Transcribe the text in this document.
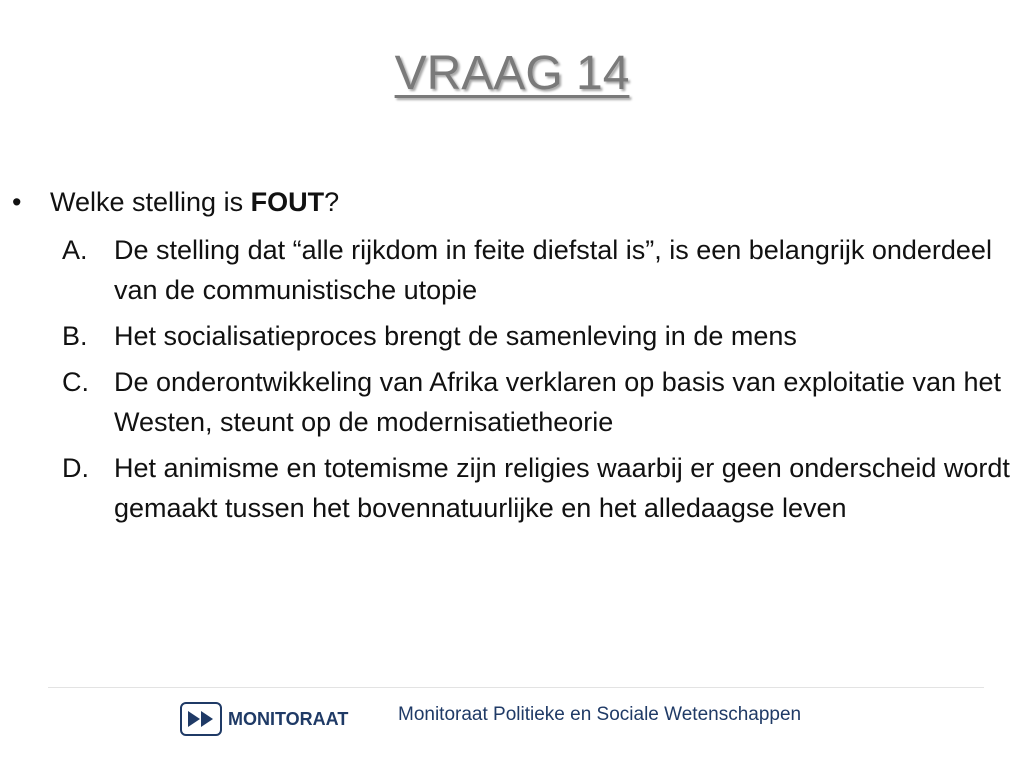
VRAAG 14
• Welke stelling is FOUT?
A. De stelling dat “alle rijkdom in feite diefstal is”, is een belangrijk onderdeel van de communistische utopie
B. Het socialisatieproces brengt de samenleving in de mens
C. De onderontwikkeling van Afrika verklaren op basis van exploitatie van het Westen, steunt op de modernisatietheorie
D. Het animisme en totemisme zijn religies waarbij er geen onderscheid wordt gemaakt tussen het bovennatuurlijke en het alledaagse leven
MONITORAAT	Monitoraat Politieke en Sociale Wetenschappen
